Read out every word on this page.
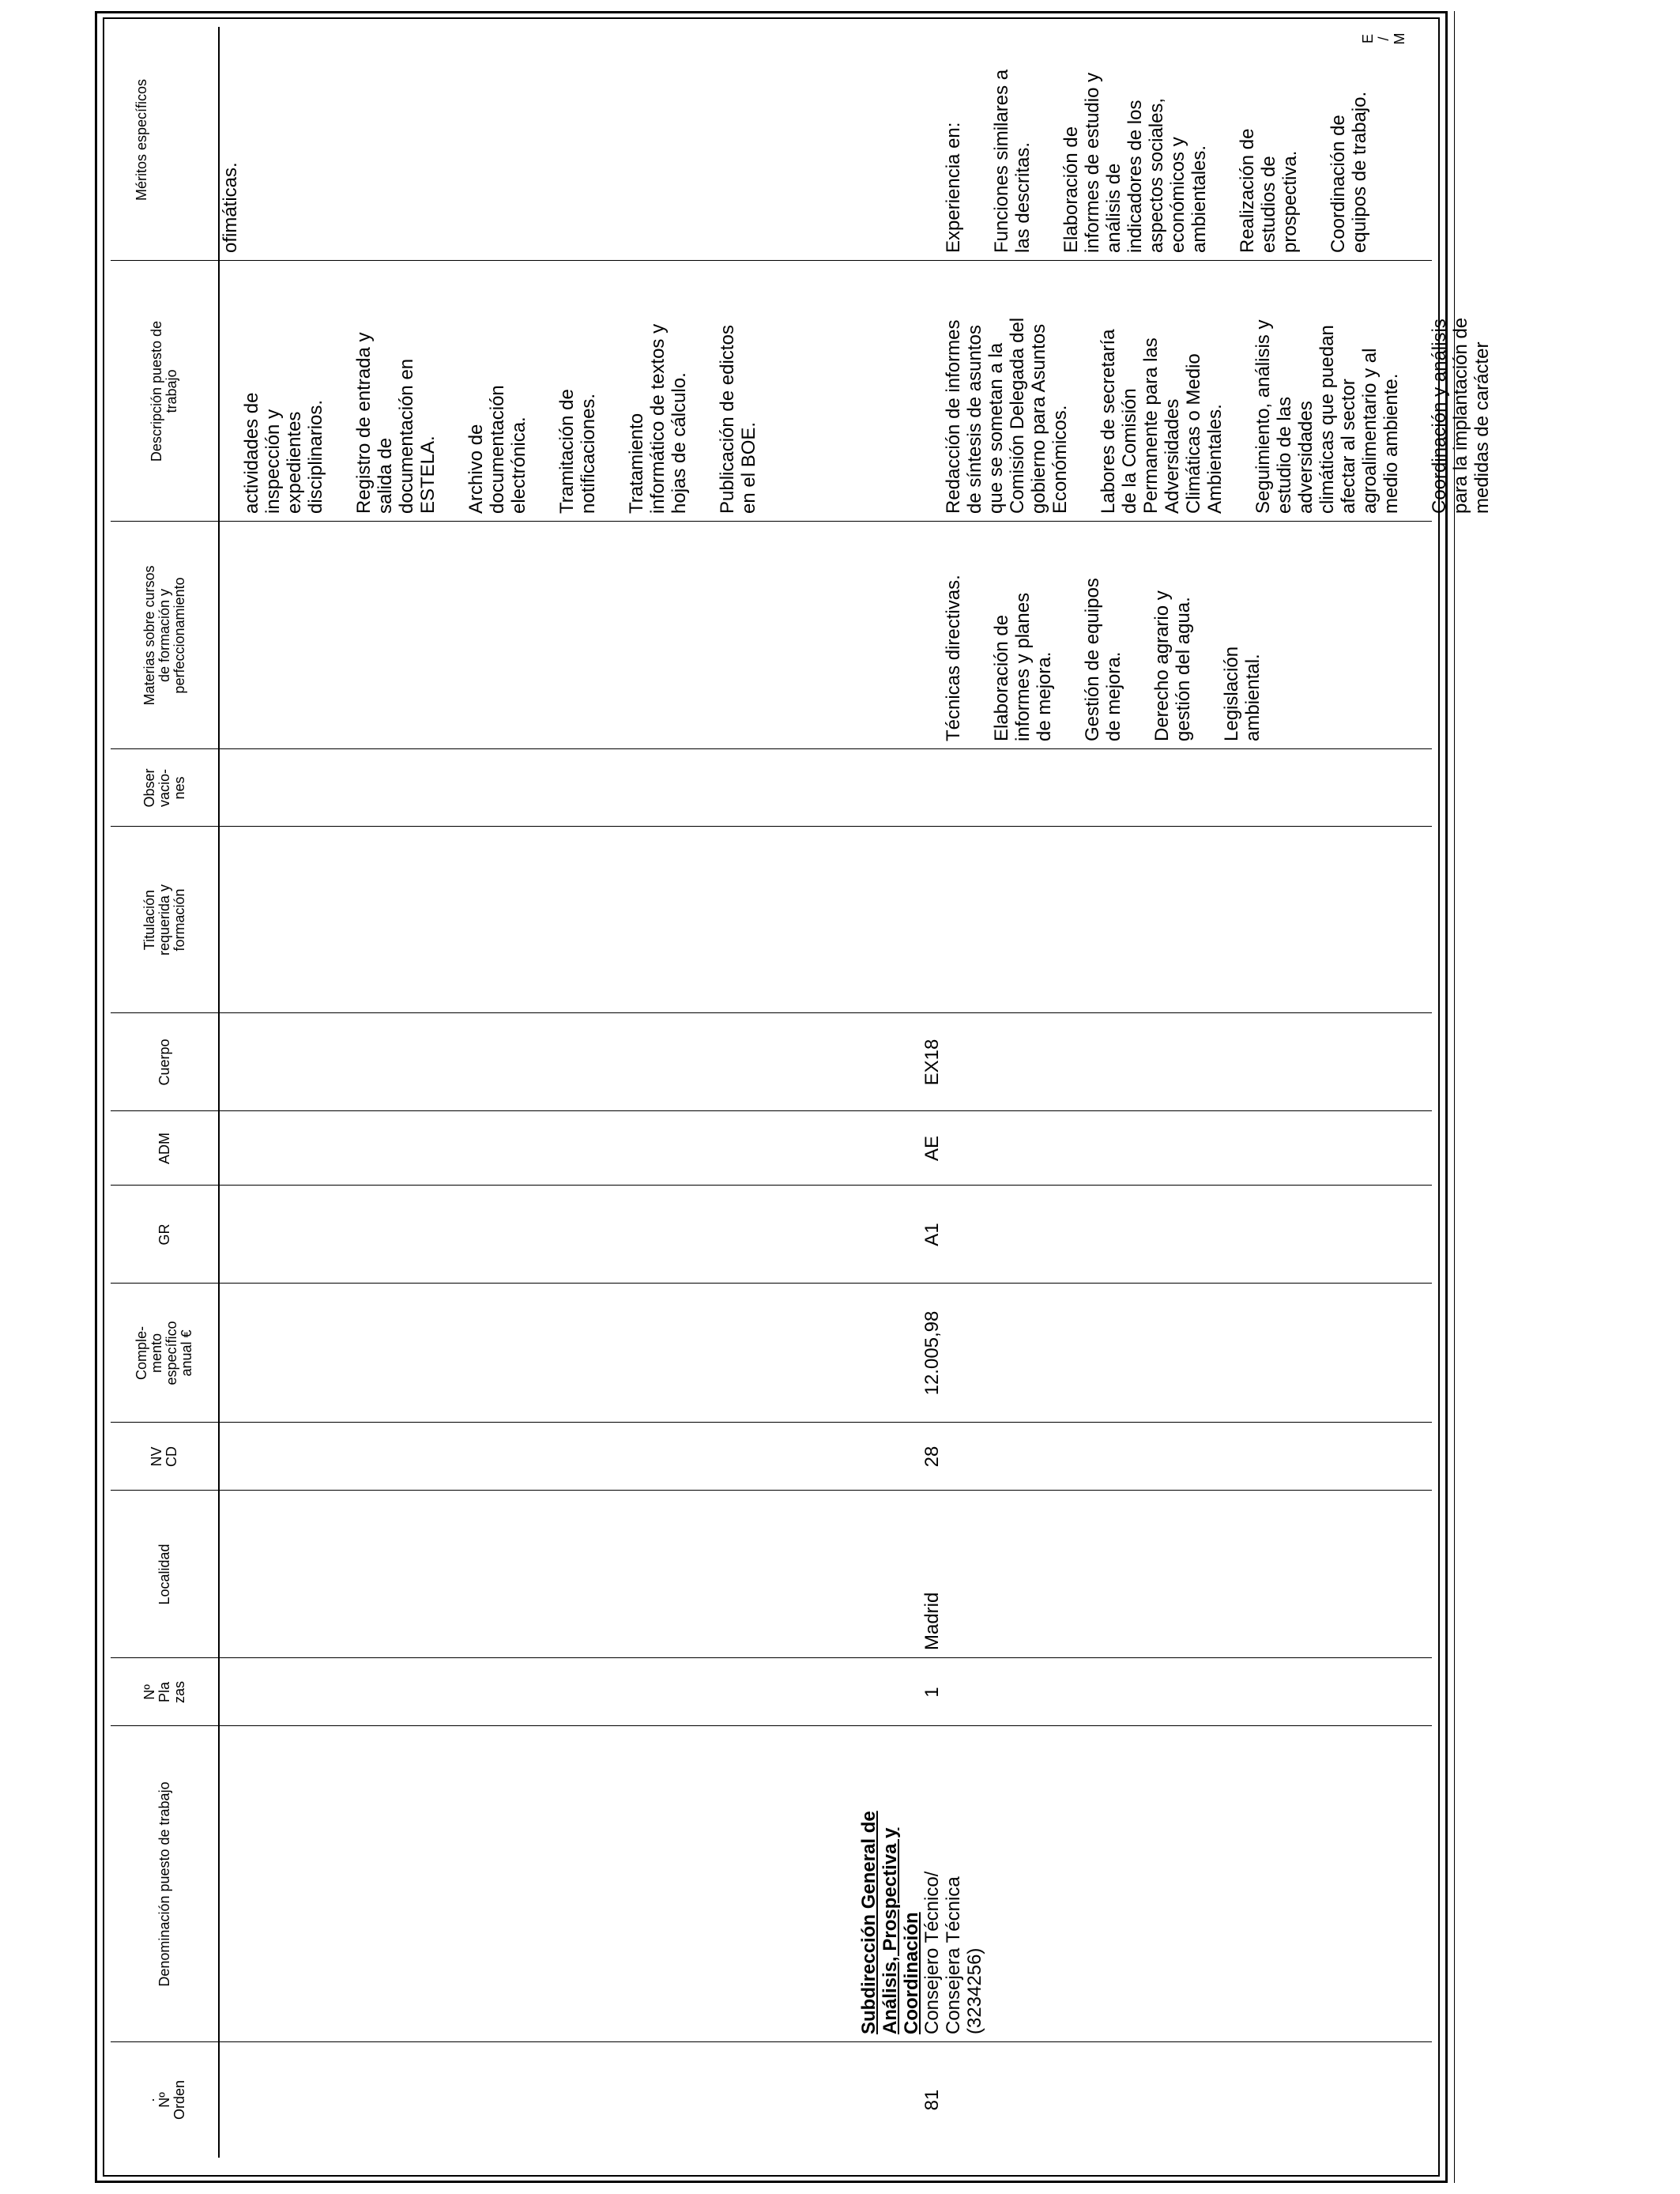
.
Nº
Orden
Denominación puesto de trabajo
Nº
Pla
zas
Localidad
NV
CD
Comple-
mento
específico
anual €
GR
ADM
Cuerpo
Titulación
requerida y
formación
Obser
vacio-
nes
Materias sobre cursos
de formación y
perfeccionamiento
Descripción puesto de
trabajo
Méritos específicos

actividades de
inspección y
expedientes
disciplinarios. Registro de entrada y
salida de
documentación en
ESTELA. Archivo de
documentación
electrónica. Tramitación de
notificaciones. Tratamiento
informático de textos y
hojas de cálculo.

Publicación de edictos
en el BOE.

ofimáticas.
Subdirección General de
Análisis, Prospectiva y
Coordinación
81
Consejero Técnico/
Consejera Técnica
(3234256)
1
Madrid
28
12.005,98
A1
AE
EX18

Técnicas directivas. Elaboración de
informes y planes
de mejora. Gestión de equipos
de mejora. Derecho agrario y
gestión del agua.

Legislación
ambiental.

Redacción de informes
de síntesis de asuntos
que se sometan a la
Comisión Delegada del
gobierno para Asuntos
Económicos. Labores de secretaría
de la Comisión
Permanente para las
Adversidades
Climáticas o Medio
Ambientales. Seguimiento, análisis y
estudio de las
adversidades
climáticas que puedan
afectar al sector
agroalimentario y al
medio ambiente. Coordinación y análisis
para la implantación de
medidas de carácter

Experiencia en: Funciones similares a
las descritas. Elaboración de
informes de estudio y
análisis de
indicadores de los
aspectos sociales,
económicos y
ambientales. Realización de
estudios de
prospectiva. Coordinación de
equipos de trabajo.

E
/
M
